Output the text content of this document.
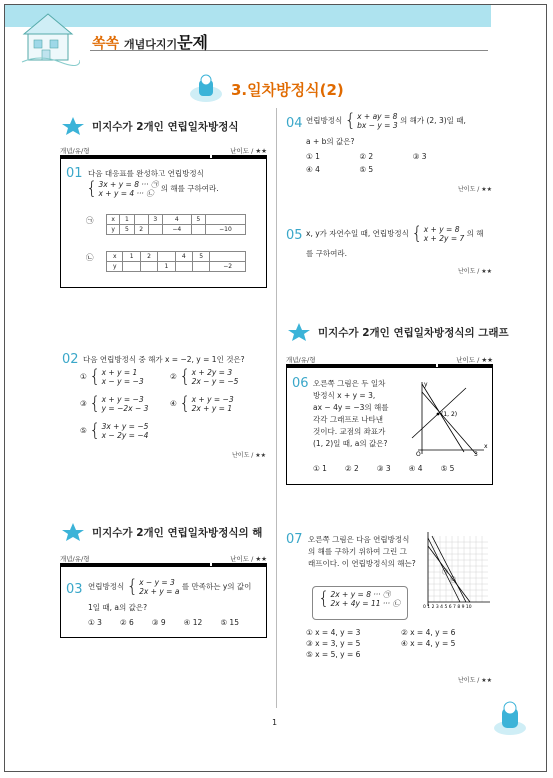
쏙쏙 개념다지기문제
3.일차방정식(2)
미지수가 2개인 연립일차방정식
개념/유/형	난이도 / ★★
01 다음 대응표를 완성하고 연립방정식
{ 3x + y = 8 ··· ㉠
x + y = 4 ··· ㉡
의 해를 구하여라.
㉠	x	1		3	4	5	
y	5	2		−4		−10
㉡	x	1	2		4	5	
y			1			−2
02 다음 연립방정식 중 해가 x = −2, y = 1인 것은?
① { x + y = 1
x − y = −3
② { x + 2y = 3
2x − y = −5
③ { x + y = −3
y = −2x − 3
④ { x + y = −3
2x + y = 1
⑤ { 3x + y = −5
x − 2y = −4
난이도 / ★★
미지수가 2개인 연립일차방정식의 해
개념/유/형	난이도 / ★★
03 연립방정식 { x − y = 3
2x + y = a
를 만족하는 y의 값이
1일 때, a의 값은?
① 3 ② 6 ③ 9 ④ 12 ⑤ 15
04 연립방정식 { x + ay = 8
bx − y = 3
의 해가 (2, 3)일 때,
a + b의 값은?
① 1	② 2	③ 3
④ 4	⑤ 5
난이도 / ★★
05 x, y가 자연수일 때, 연립방정식 { x + y = 8
x + 2y = 7
의 해
를 구하여라.
난이도 / ★★
미지수가 2개인 연립일차방정식의 그래프
개념/유/형	난이도 / ★★
06 오른쪽 그림은 두 일차
방정식 x + y = 3,
ax − 4y = −3의 해를
각각 그래프로 나타낸
것이다. 교점의 좌표가
(1, 2)일 때, a의 값은?
(1, 2)
x
y
O	3
① 1 ② 2 ③ 3 ④ 4 ⑤ 5
07 오른쪽 그림은 다음 연립방정식
의 해를 구하기 위하여 그린 그
래프이다. 이 연립방정식의 해는?
{ 2x + y = 8 ··· ㉠
2x + 4y = 11 ··· ㉡
㉠
㉡
0 1 2 3 4 5 6 7 8 9 10
① x = 4, y = 3	② x = 4, y = 6
③ x = 3, y = 5	④ x = 4, y = 5
⑤ x = 5, y = 6
난이도 / ★★
1
